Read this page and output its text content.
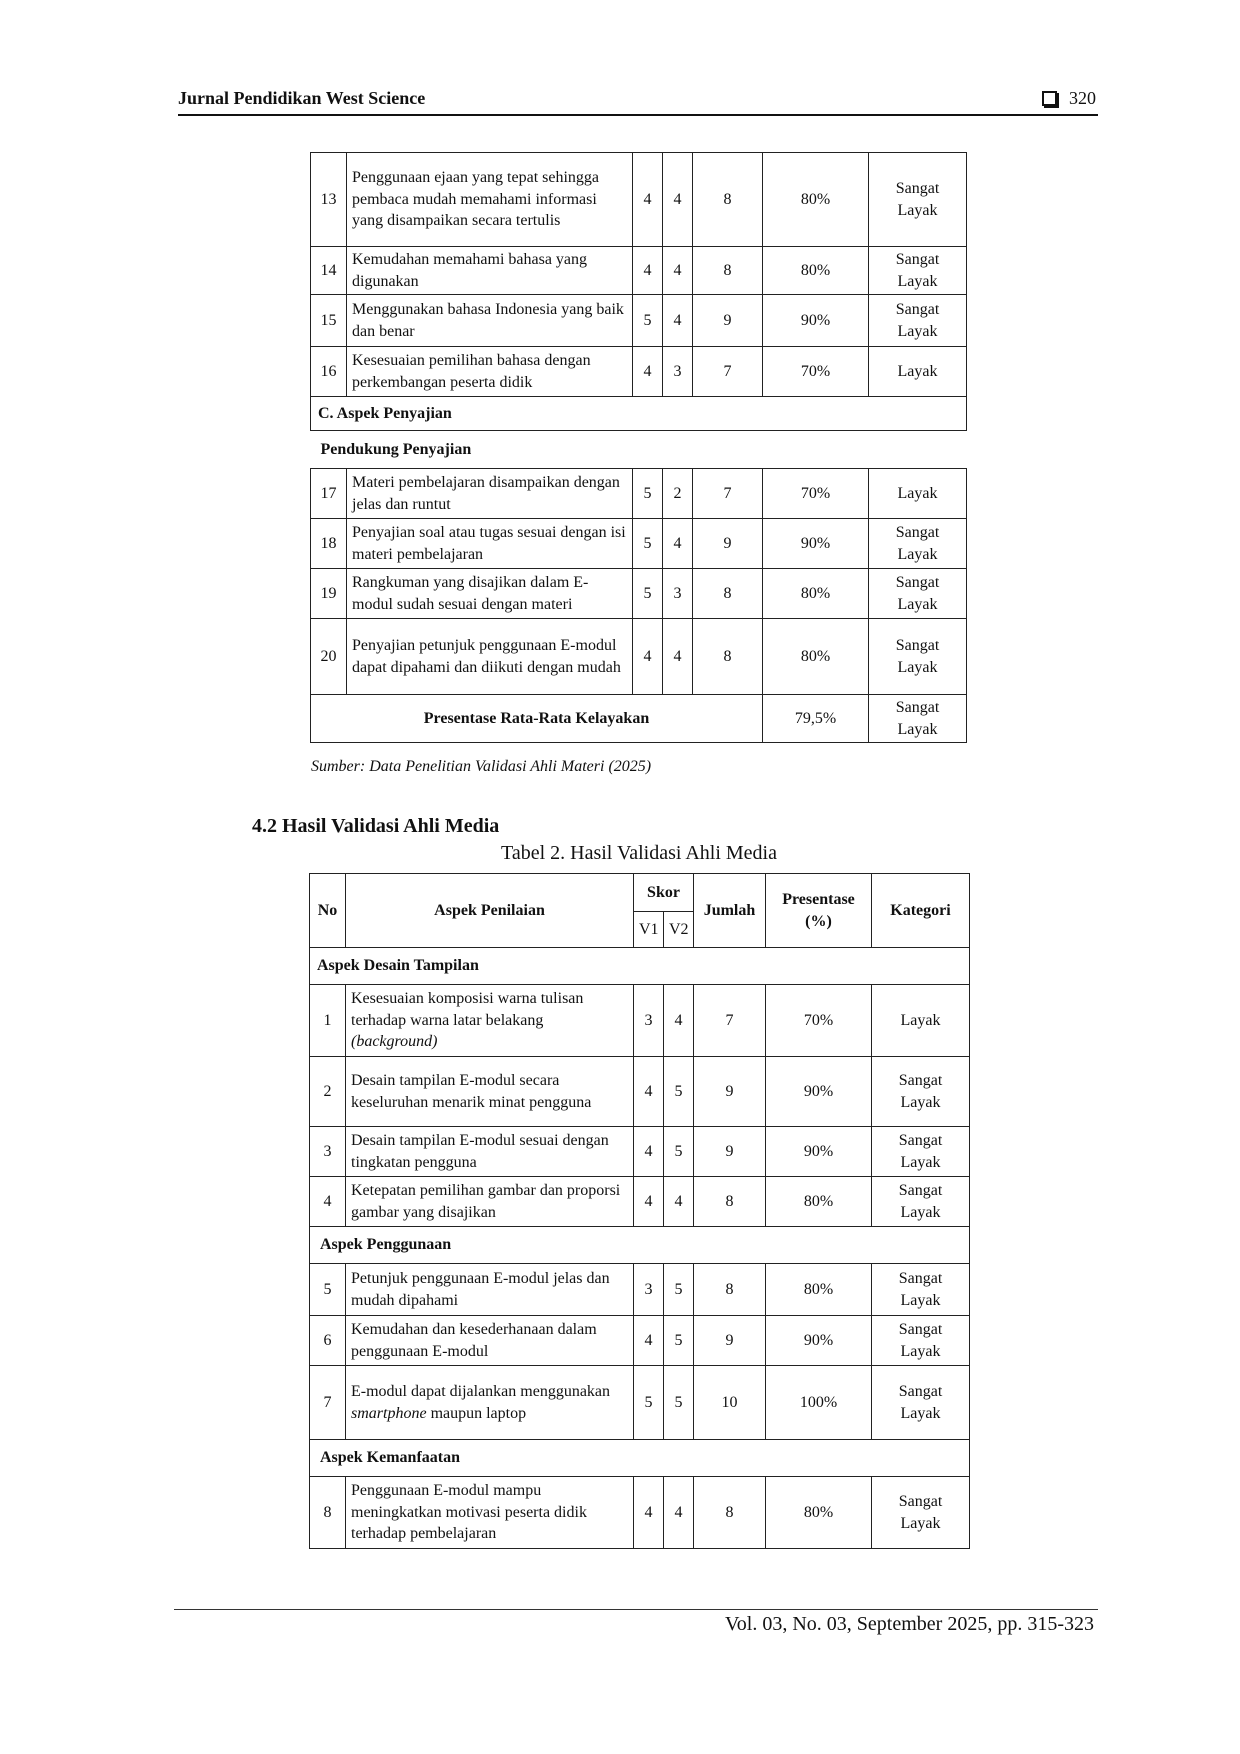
Jurnal Pendidikan West Science	320
13	Penggunaan ejaan yang tepat sehingga pembaca mudah memahami informasi yang disampaikan secara tertulis	4	4	8	80%	Sangat Layak
14	Kemudahan memahami bahasa yang digunakan	4	4	8	80%	Sangat Layak
15	Menggunakan bahasa Indonesia yang baik dan benar	5	4	9	90%	Sangat Layak
16	Kesesuaian pemilihan bahasa dengan perkembangan peserta didik	4	3	7	70%	Layak
C. Aspek Penyajian						
Pendukung Penyajian						
17	Materi pembelajaran disampaikan dengan jelas dan runtut	5	2	7	70%	Layak
18	Penyajian soal atau tugas sesuai dengan isi materi pembelajaran	5	4	9	90%	Sangat Layak
19	Rangkuman yang disajikan dalam E-modul sudah sesuai dengan materi	5	3	8	80%	Sangat Layak
20	Penyajian petunjuk penggunaan E-modul dapat dipahami dan diikuti dengan mudah	4	4	8	80%	Sangat Layak
Presentase Rata-Rata Kelayakan					79,5%	Sangat Layak
Sumber: Data Penelitian Validasi Ahli Materi (2025)
4.2 Hasil Validasi Ahli Media
Tabel 2. Hasil Validasi Ahli Media
No	Aspek Penilaian	Skor		Jumlah	Presentase (%)	Kategori
		V1	V2			
Aspek Desain Tampilan						
1	Kesesuaian komposisi warna tulisan terhadap warna latar belakang (background)	3	4	7	70%	Layak
2	Desain tampilan E-modul secara keseluruhan menarik minat pengguna	4	5	9	90%	Sangat Layak
3	Desain tampilan E-modul sesuai dengan tingkatan pengguna	4	5	9	90%	Sangat Layak
4	Ketepatan pemilihan gambar dan proporsi gambar yang disajikan	4	4	8	80%	Sangat Layak
Aspek Penggunaan						
5	Petunjuk penggunaan E-modul jelas dan mudah dipahami	3	5	8	80%	Sangat Layak
6	Kemudahan dan kesederhanaan dalam penggunaan E-modul	4	5	9	90%	Sangat Layak
7	E-modul dapat dijalankan menggunakan smartphone maupun laptop	5	5	10	100%	Sangat Layak
Aspek Kemanfaatan						
8	Penggunaan E-modul mampu meningkatkan motivasi peserta didik terhadap pembelajaran	4	4	8	80%	Sangat Layak
Vol. 03, No. 03, September 2025, pp. 315-323
